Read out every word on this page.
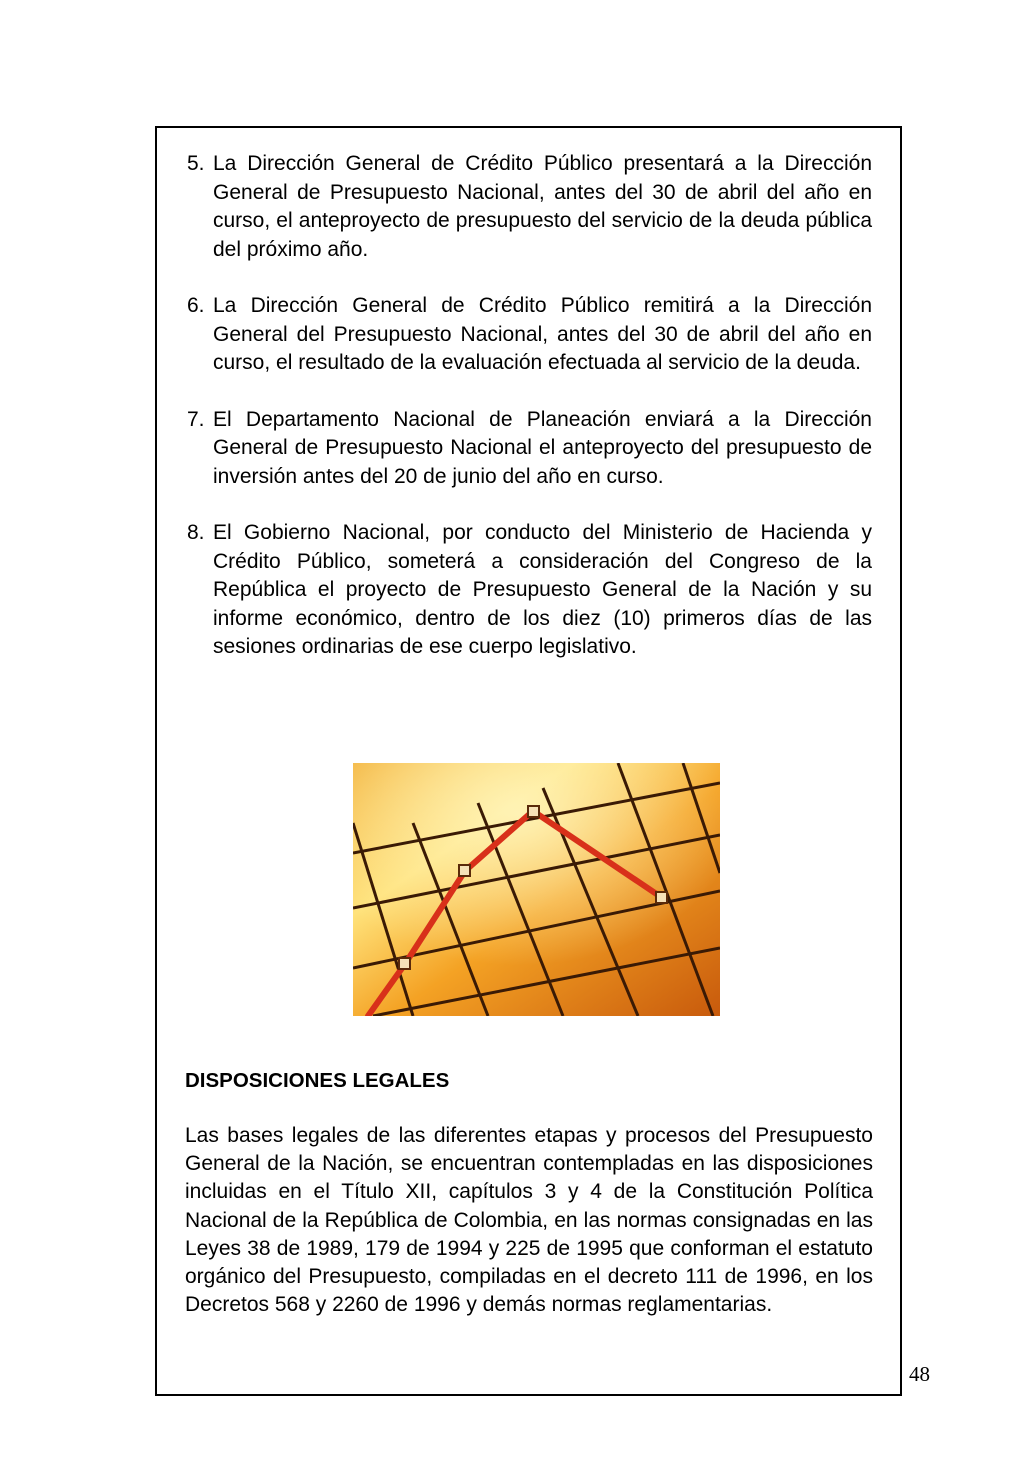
5. La Dirección General de Crédito Público presentará a la Dirección General de Presupuesto Nacional, antes del 30 de abril del año en curso, el anteproyecto de presupuesto del servicio de la deuda pública del próximo año.
6. La Dirección General de Crédito Público remitirá a la Dirección General del Presupuesto Nacional, antes del 30 de abril del año en curso, el resultado de la evaluación efectuada al servicio de la deuda.
7. El Departamento Nacional de Planeación enviará a la Dirección General de Presupuesto Nacional el anteproyecto del presupuesto de inversión antes del 20 de junio del año en curso.
8. El Gobierno Nacional, por conducto del Ministerio de Hacienda y Crédito Público, someterá a consideración del Congreso de la República el proyecto de Presupuesto General de la Nación y su informe económico, dentro de los diez (10) primeros días de las sesiones ordinarias de ese cuerpo legislativo.
DISPOSICIONES LEGALES
Las bases legales de las diferentes etapas y procesos del Presupuesto General de la Nación, se encuentran contempladas en las disposiciones incluidas en el Título XII, capítulos 3 y 4 de la Constitución Política Nacional de la República de Colombia, en las normas consignadas en las Leyes 38 de 1989, 179 de 1994 y 225 de 1995 que conforman el estatuto orgánico del Presupuesto, compiladas en el decreto 111 de 1996, en los Decretos 568 y 2260 de 1996 y demás normas reglamentarias.
48
